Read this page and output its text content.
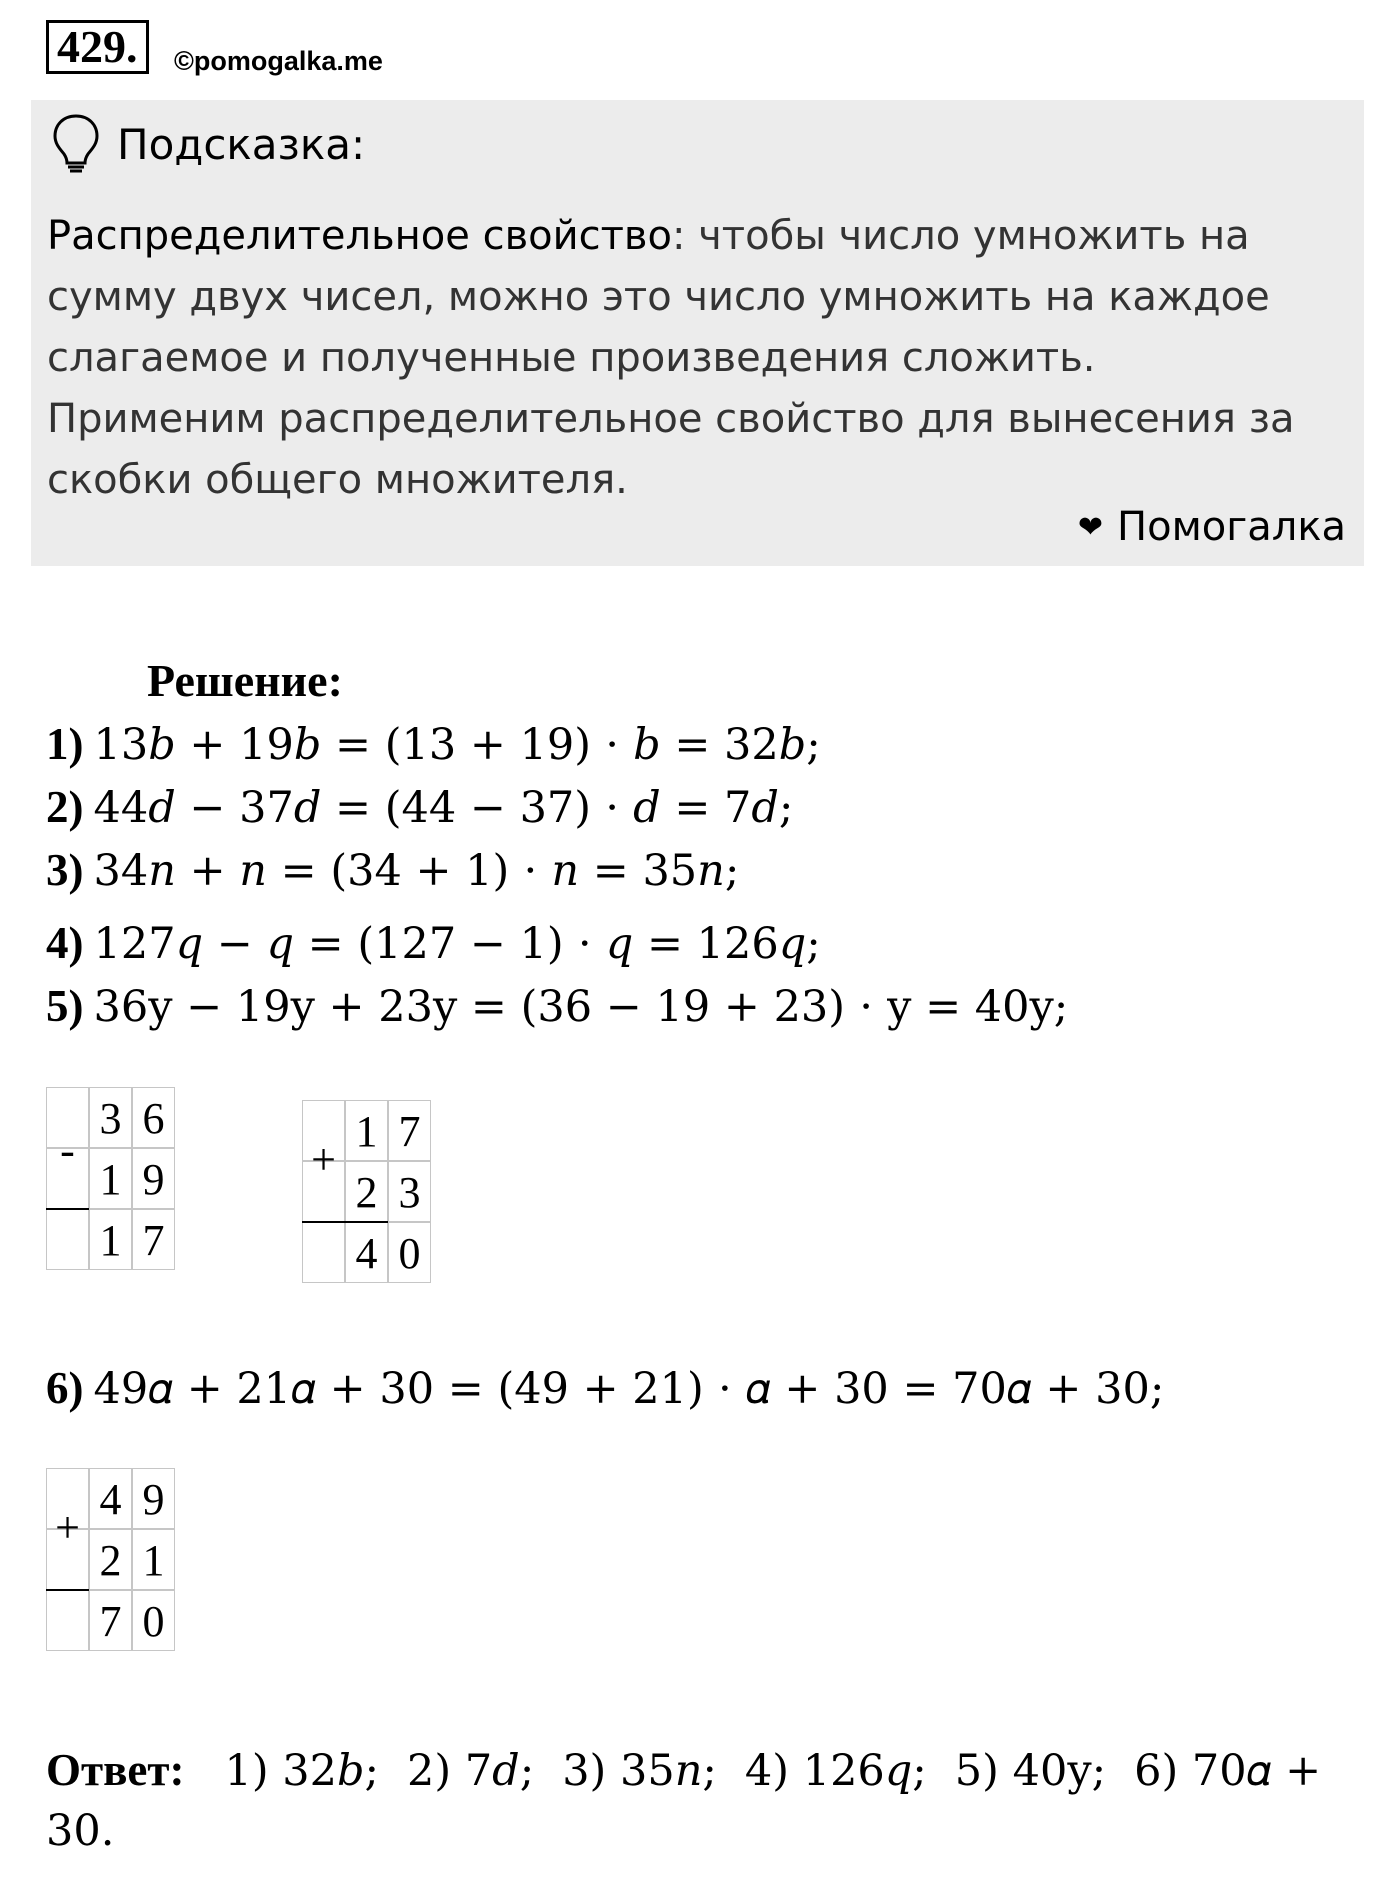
429.	©pomogalka.me
Подсказка:
Распределительное свойство: чтобы число умножить на сумму двух чисел, можно это число умножить на каждое слагаемое и полученные произведения сложить.
Применим распределительное свойство для вынесения за скобки общего множителя.
❤ Помогалка
Решение:
1) 13𝑏 + 19𝑏 = (13 + 19) ⋅ 𝑏 = 32𝑏;
2) 44𝑑 − 37𝑑 = (44 − 37) ⋅ 𝑑 = 7𝑑;
3) 34𝑛 + 𝑛 = (34 + 1) ⋅ 𝑛 = 35𝑛;
4) 127𝑞 − 𝑞 = (127 − 1) ⋅ 𝑞 = 126𝑞;
5) 36y − 19y + 23y = (36 − 19 + 23) ⋅ y = 40y;
3 6
1 9
1 7
-	1 7
2 3
4 0
+
6) 49𝛼 + 21𝛼 + 30 = (49 + 21) ⋅ 𝛼 + 30 = 70𝛼 + 30;
4 9
2 1
7 0
+
Ответ: 1) 32𝑏; 2) 7𝑑; 3) 35𝑛; 4) 126𝑞; 5) 40y; 6) 70𝛼 + 30.
